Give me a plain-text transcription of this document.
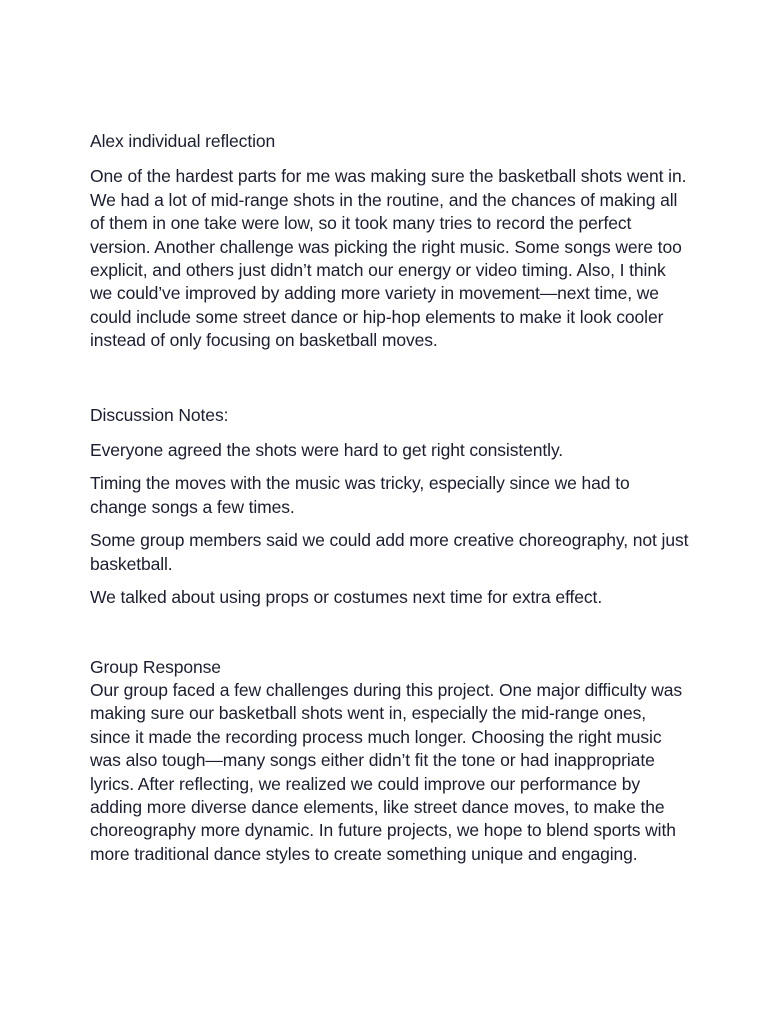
Alex individual reflection

One of the hardest parts for me was making sure the basketball shots went in. We had a lot of mid-range shots in the routine, and the chances of making all of them in one take were low, so it took many tries to record the perfect version. Another challenge was picking the right music. Some songs were too explicit, and others just didn’t match our energy or video timing. Also, I think we could’ve improved by adding more variety in movement—next time, we could include some street dance or hip-hop elements to make it look cooler instead of only focusing on basketball moves.

Discussion Notes:

Everyone agreed the shots were hard to get right consistently.

Timing the moves with the music was tricky, especially since we had to change songs a few times.

Some group members said we could add more creative choreography, not just basketball.

We talked about using props or costumes next time for extra effect.

Group Response

Our group faced a few challenges during this project. One major difficulty was making sure our basketball shots went in, especially the mid-range ones, since it made the recording process much longer. Choosing the right music was also tough—many songs either didn’t fit the tone or had inappropriate lyrics. After reflecting, we realized we could improve our performance by adding more diverse dance elements, like street dance moves, to make the choreography more dynamic. In future projects, we hope to blend sports with more traditional dance styles to create something unique and engaging.
